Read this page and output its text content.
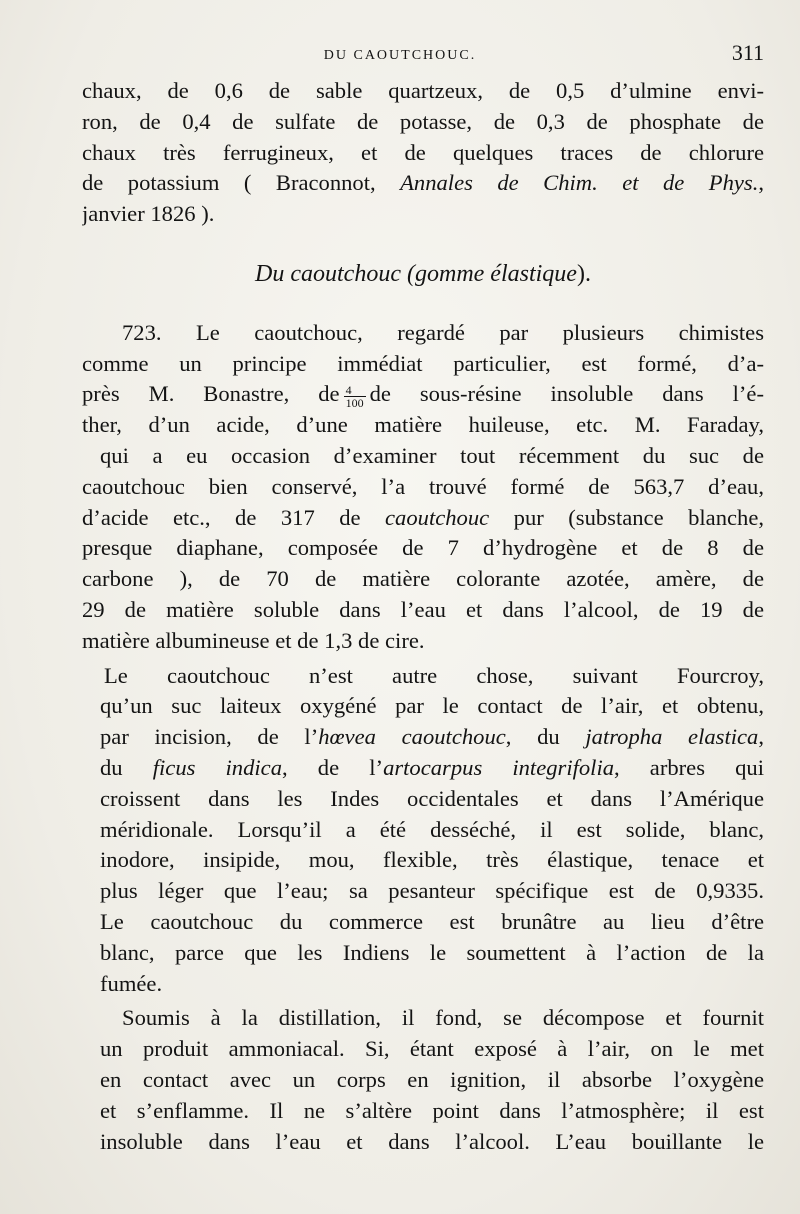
DU CAOUTCHOUC.	311
chaux, de 0,6 de sable quartzeux, de 0,5 d’ulmine envi-
ron, de 0,4 de sulfate de potasse, de 0,3 de phosphate de
chaux très ferrugineux, et de quelques traces de chlorure
de potassium ( Braconnot, Annales de Chim. et de Phys.,
janvier 1826 ).
Du caoutchouc (gomme élastique).
723. Le caoutchouc, regardé par plusieurs chimistes
comme un principe immédiat particulier, est formé, d’a-
près M. Bonastre, de $\frac{4}{100}$ de sous-résine insoluble dans l’é-
ther, d’un acide, d’une matière huileuse, etc. M. Faraday,
qui a eu occasion d’examiner tout récemment du suc de
caoutchouc bien conservé, l’a trouvé formé de 563,7 d’eau,
d’acide etc., de 317 de caoutchouc pur (substance blanche,
presque diaphane, composée de 7 d’hydrogène et de 8 de
carbone ), de 70 de matière colorante azotée, amère, de
29 de matière soluble dans l’eau et dans l’alcool, de 19 de
matière albumineuse et de 1,3 de cire.
Le caoutchouc n’est autre chose, suivant Fourcroy,
qu’un suc laiteux oxygéné par le contact de l’air, et obtenu,
par incision, de l’hœvea caoutchouc, du jatropha elastica,
du ficus indica, de l’artocarpus integrifolia, arbres qui
croissent dans les Indes occidentales et dans l’Amérique
méridionale. Lorsqu’il a été desséché, il est solide, blanc,
inodore, insipide, mou, flexible, très élastique, tenace et
plus léger que l’eau; sa pesanteur spécifique est de 0,9335.
Le caoutchouc du commerce est brunâtre au lieu d’être
blanc, parce que les Indiens le soumettent à l’action de la
fumée.
Soumis à la distillation, il fond, se décompose et fournit
un produit ammoniacal. Si, étant exposé à l’air, on le met
en contact avec un corps en ignition, il absorbe l’oxygène
et s’enflamme. Il ne s’altère point dans l’atmosphère; il est
insoluble dans l’eau et dans l’alcool. L’eau bouillante le
